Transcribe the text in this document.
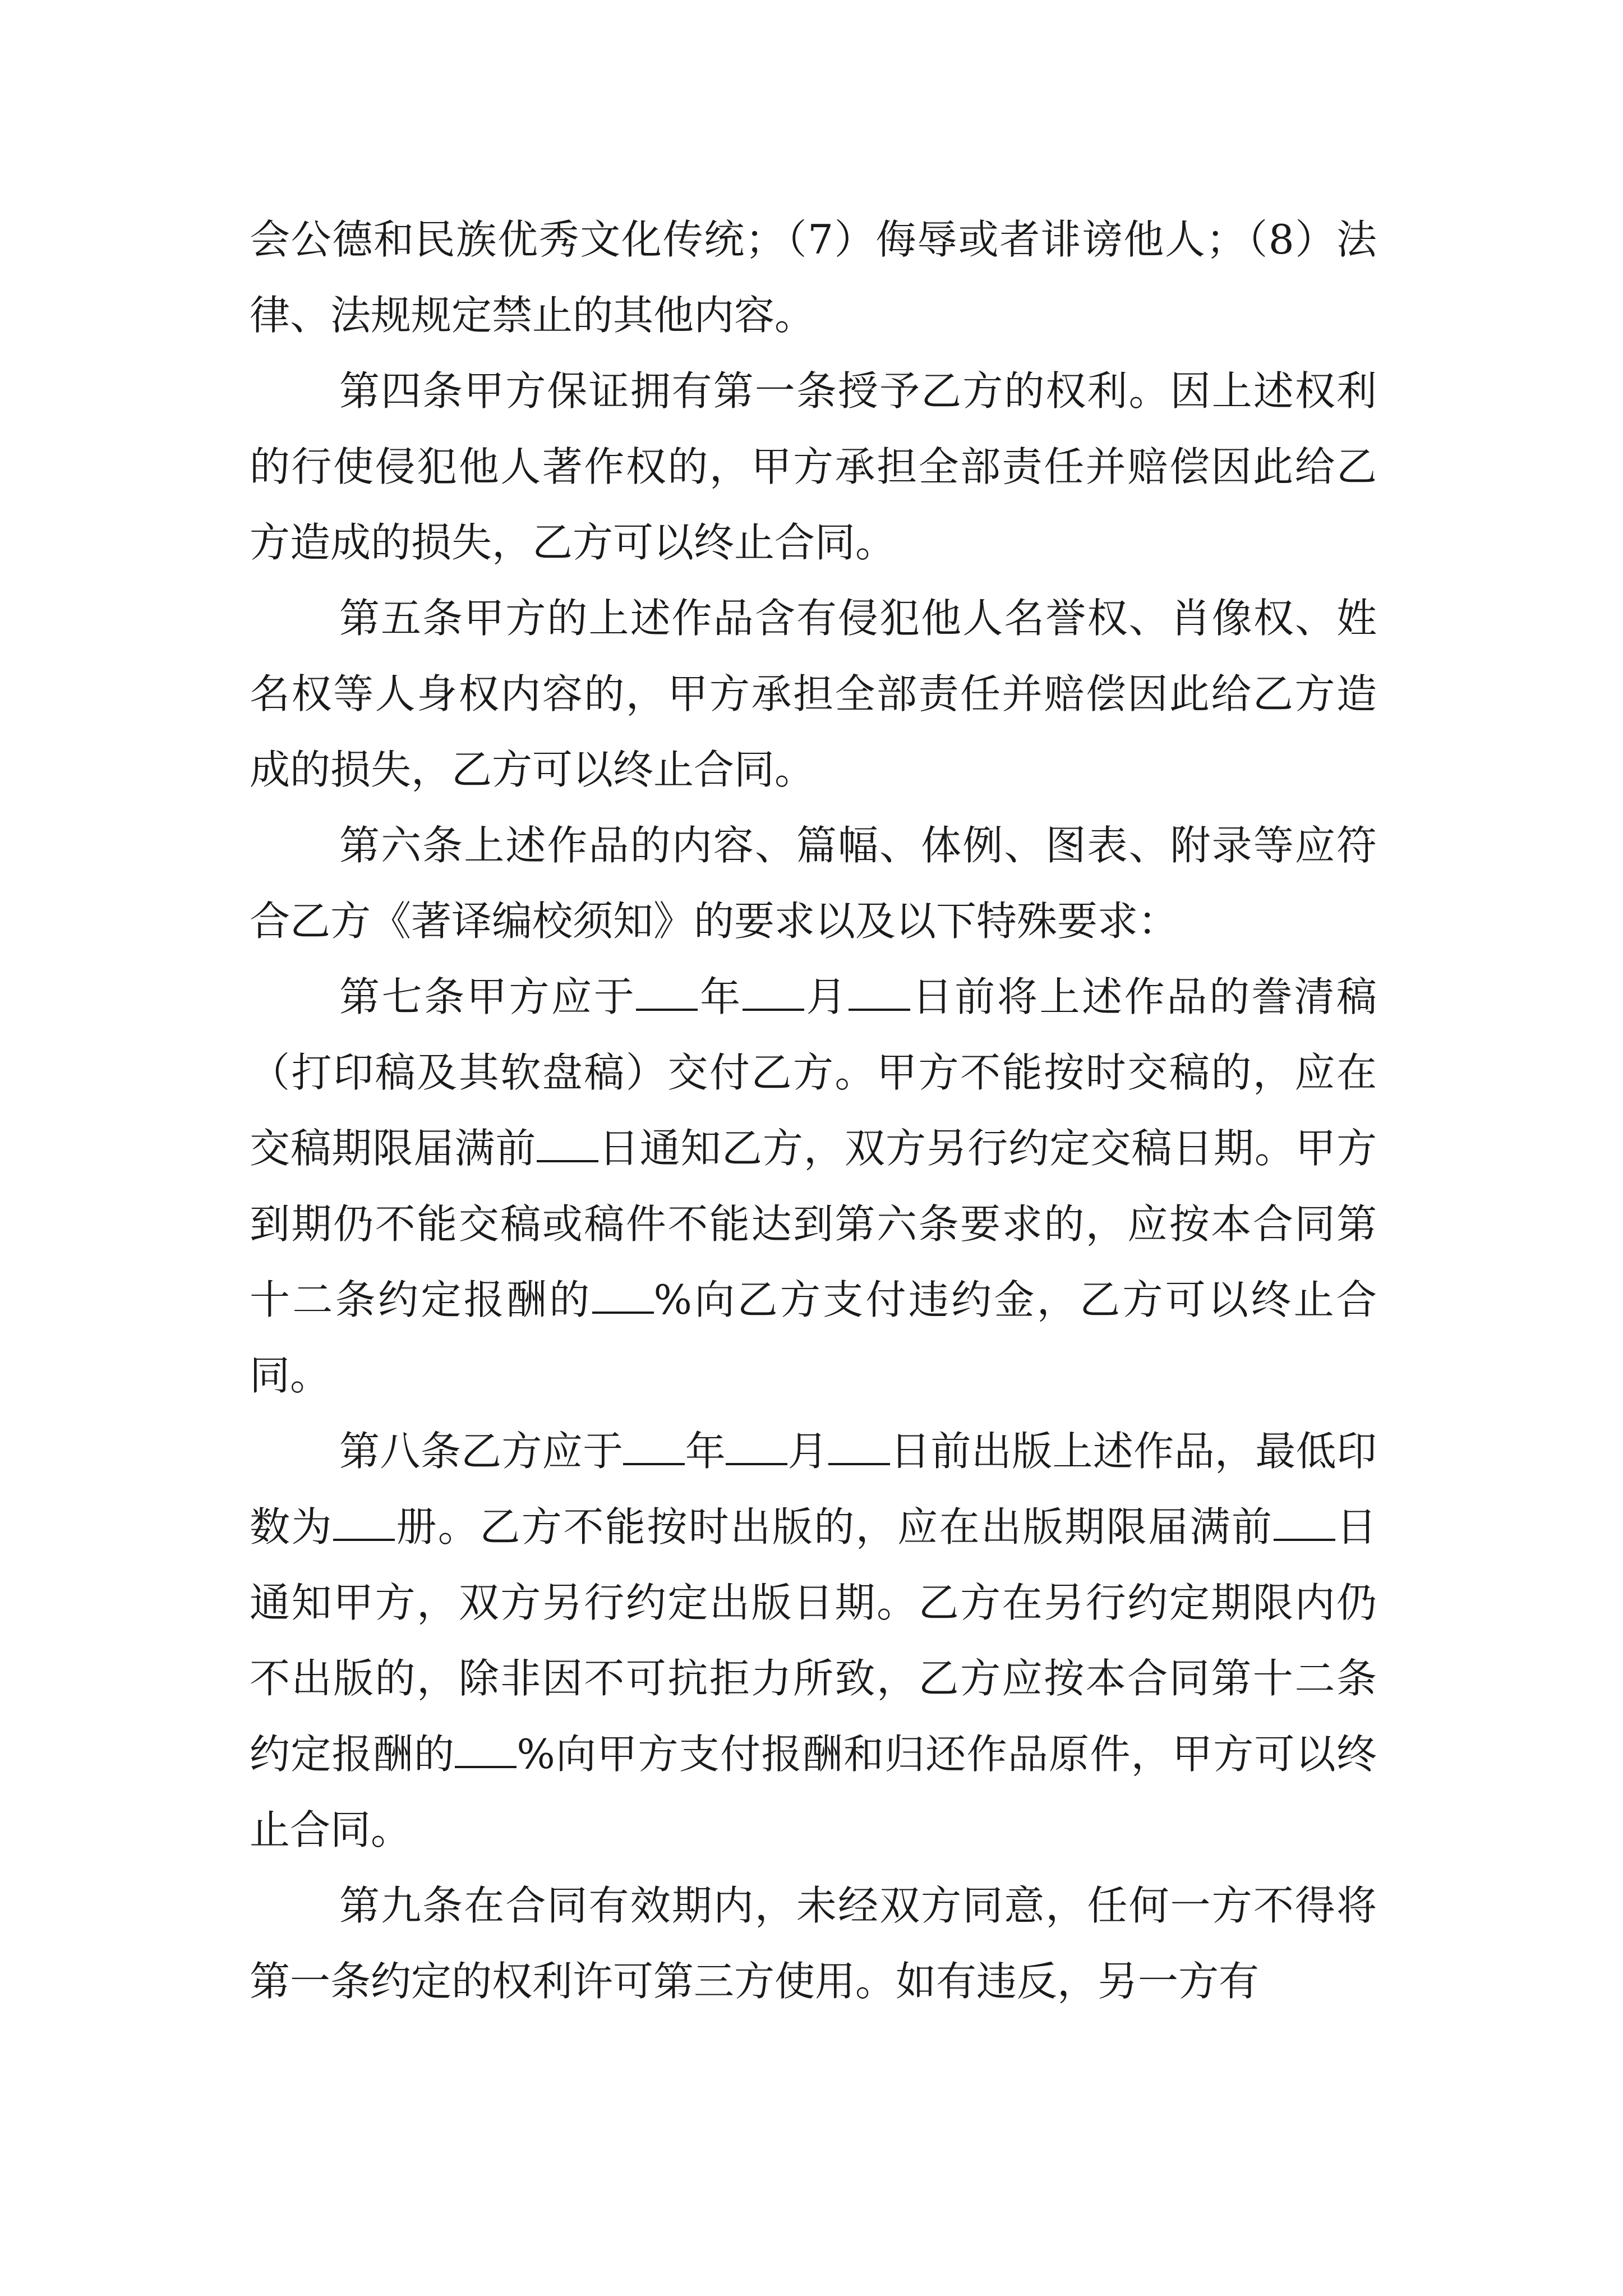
会公德和民族优秀文化传统；（7）侮辱或者诽谤他人；（8）法律、法规规定禁止的其他内容。

第四条甲方保证拥有第一条授予乙方的权利。因上述权利的行使侵犯他人著作权的，甲方承担全部责任并赔偿因此给乙方造成的损失，乙方可以终止合同。

第五条甲方的上述作品含有侵犯他人名誉权、肖像权、姓名权等人身权内容的，甲方承担全部责任并赔偿因此给乙方造成的损失，乙方可以终止合同。

第六条上述作品的内容、篇幅、体例、图表、附录等应符合乙方《著译编校须知》的要求以及以下特殊要求：

第七条甲方应于 年 月 日前将上述作品的誊清稿（打印稿及其软盘稿）交付乙方。甲方不能按时交稿的，应在交稿期限届满前 日通知乙方，双方另行约定交稿日期。甲方到期仍不能交稿或稿件不能达到第六条要求的，应按本合同第十二条约定报酬的 %向乙方支付违约金，乙方可以终止合同。

第八条乙方应于 年 月 日前出版上述作品，最低印数为 册。乙方不能按时出版的，应在出版期限届满前 日通知甲方，双方另行约定出版日期。乙方在另行约定期限内仍不出版的，除非因不可抗拒力所致，乙方应按本合同第十二条约定报酬的 %向甲方支付报酬和归还作品原件，甲方可以终止合同。

第九条在合同有效期内，未经双方同意，任何一方不得将第一条约定的权利许可第三方使用。如有违反，另一方有
